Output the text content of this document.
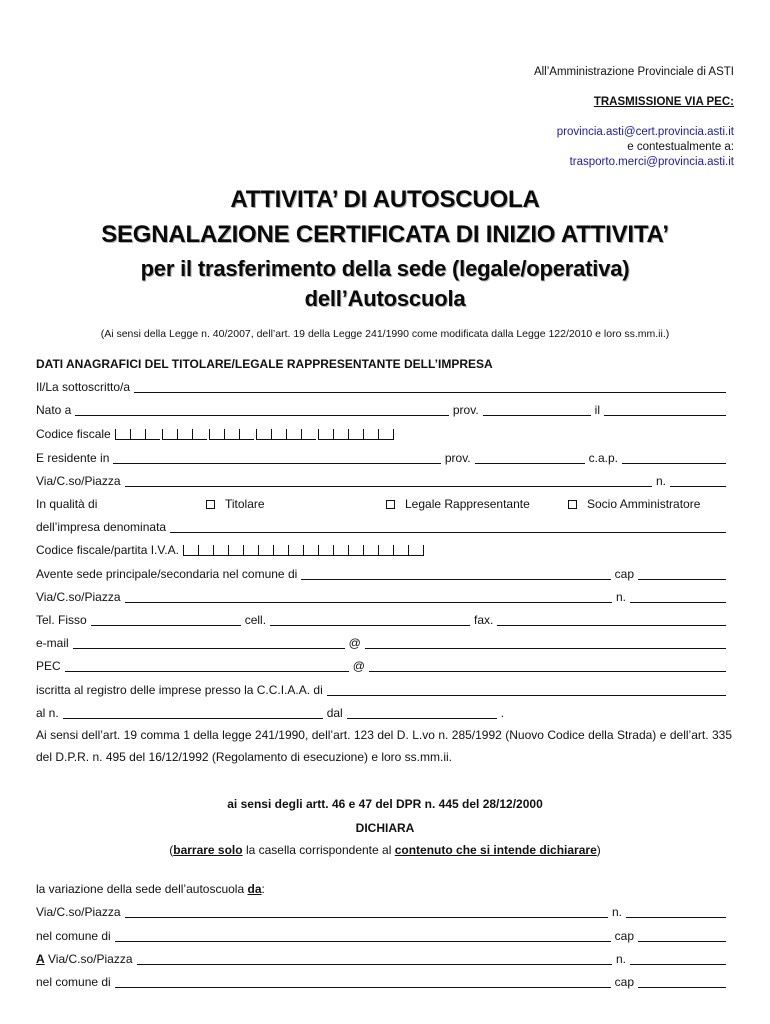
All’Amministrazione Provinciale di ASTI
TRASMISSIONE VIA PEC:
provincia.asti@cert.provincia.asti.it
e contestualmente a:
trasporto.merci@provincia.asti.it
ATTIVITA’ DI AUTOSCUOLA
SEGNALAZIONE CERTIFICATA DI INIZIO ATTIVITA’
per il trasferimento della sede (legale/operativa)
dell’Autoscuola
(Ai sensi della Legge n. 40/2007, dell’art. 19 della Legge 241/1990 come modificata dalla Legge 122/2010 e loro ss.mm.ii.)
DATI ANAGRAFICI DEL TITOLARE/LEGALE RAPPRESENTANTE DELL’IMPRESA
Il/La sottoscritto/a
Nato a	prov.	il
Codice fiscale
E residente in	prov.	c.a.p.
Via/C.so/Piazza	n.
In qualità di	Titolare	Legale Rappresentante	Socio Amministratore
dell’impresa denominata
Codice fiscale/partita I.V.A.
Avente sede principale/secondaria nel comune di	cap
Via/C.so/Piazza	n.
Tel. Fisso	cell.	fax.
e-mail	@
PEC	@
iscritta al registro delle imprese presso la C.C.I.A.A. di
al n.	dal	.
Ai sensi dell’art. 19 comma 1 della legge 241/1990, dell’art. 123 del D. L.vo n. 285/1992 (Nuovo Codice della Strada) e dell’art. 335 del D.P.R. n. 495 del 16/12/1992 (Regolamento di esecuzione) e loro ss.mm.ii.
ai sensi degli artt. 46 e 47 del DPR n. 445 del 28/12/2000
DICHIARA
(barrare solo la casella corrispondente al contenuto che si intende dichiarare)
la variazione della sede dell’autoscuola da:
Via/C.so/Piazza	n.
nel comune di	cap
A Via/C.so/Piazza	n.
nel comune di	cap
